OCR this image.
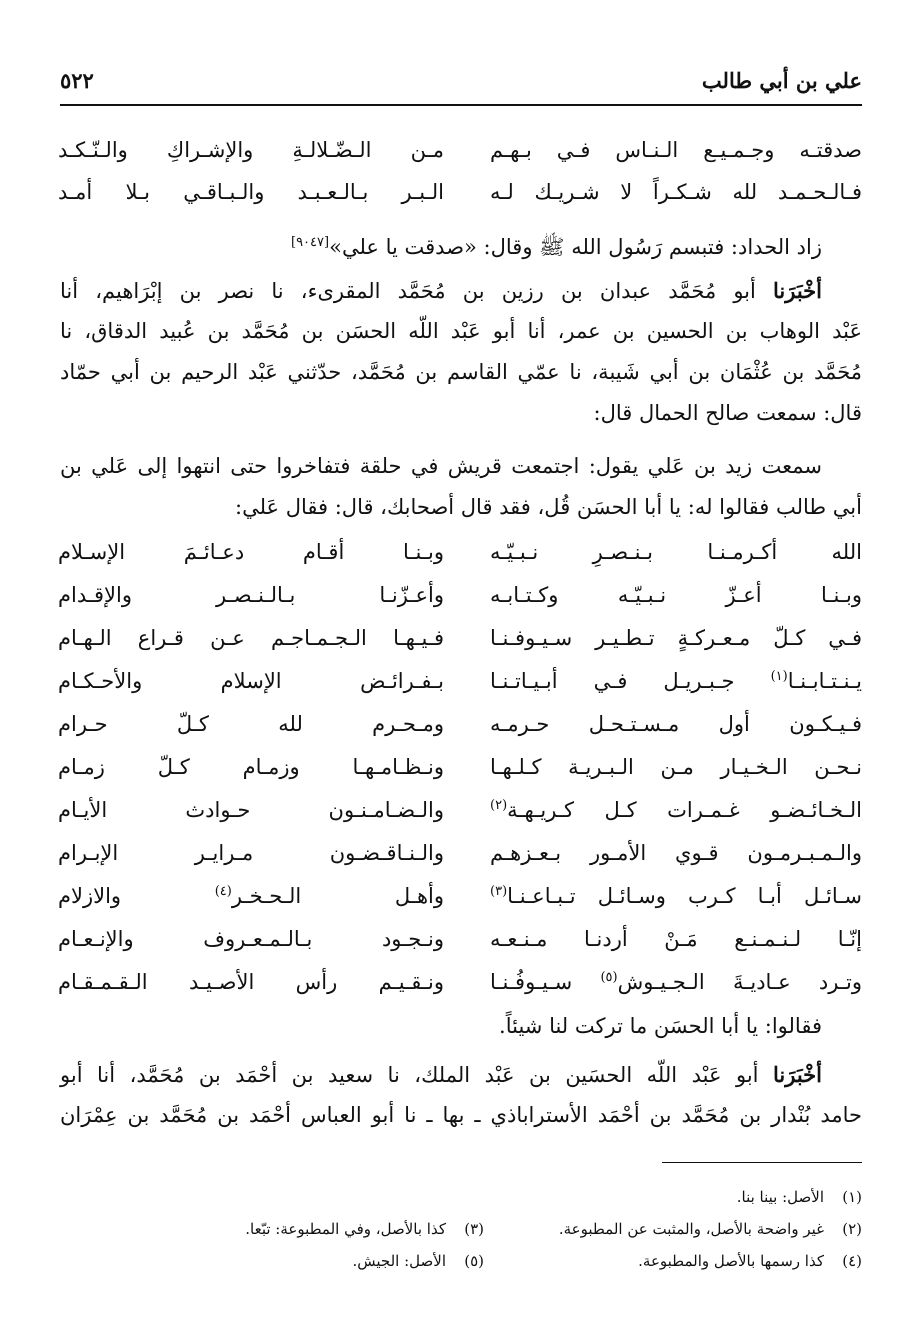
علي بن أبي طالب
٥٢٢
صدقتـه وجـمـيـع الـنـاس فـي بـهـم
مـن الـضّـلالـةِ والإشـراكِ والـنّـكـد
فـالـحـمـد لله شـكـراً لا شـريـك لـه
الـبـر بـالـعـبـد والـبـاقـي بـلا أمـد
زاد الحداد: فتبسم رَسُول الله ﷺ وقال: «صدقت يا علي»[٩٠٤٧]
أخْبَرَنا أبو مُحَمَّد عبدان بن رزين بن مُحَمَّد المقرىء، نا نصر بن إبْرَاهيم، أنا
عَبْد الوهاب بن الحسين بن عمر، أنا أبو عَبْد اللّه الحسَن بن مُحَمَّد بن عُبيد الدقاق، نا
مُحَمَّد بن عُثْمَان بن أبي شَيبة، نا عمّي القاسم بن مُحَمَّد، حدّثني عَبْد الرحيم بن أبي حمّاد
قال: سمعت صالح الحمال قال:
سمعت زيد بن عَلي يقول: اجتمعت قريش في حلقة فتفاخروا حتى انتهوا إلى عَلي بن
أبي طالب فقالوا له: يا أبا الحسَن قُل، فقد قال أصحابك، قال: فقال عَلي:
الله أكـرمـنـا بـنـصـرِ نـبـيّـه
وبـنـا أقـام دعـائـمَ الإسـلام
وبـنـا أعـزّ نـبـيّـه وكـتـابـه
وأعـزّنـا بـالـنـصـر والإقـدام
فـي كـلّ مـعـركـةٍ تـطـيـر سـيـوفـنـا
فـيـهـا الـجـمـاجـم عـن قـراع الـهـام
يـنـتـابـنـا$^{(١)}$ جـبـريـل فـي أبـيـاتـنـا
بـفـرائـض الإسلام والأحـكـام
فـيـكـون أول مـسـتـحـل حـرمـه
ومـحـرم لله كـلّ حـرام
نـحـن الـخـيـار مـن الـبـريـة كـلـهـا
ونـظـامـهـا وزمـام كـلّ زمـام
الـخـائـضـو غـمـرات كـل كـريـهـة$^{(٢)}$
والـضـامـنـون حـوادث الأيـام
والـمـبـرمـون قـوي الأمـور بـعـزهـم
والـنـاقـضـون مـرايـر الإبـرام
سـائـل أبـا كـرب وسـائـل تـبـاعـنـا$^{(٣)}$
وأهـل الـحـخـر$^{(٤)}$ والازلام
إنّـا لـنـمـنـع مَـنْ أردنـا مـنـعـه
ونـجـود بـالـمـعـروف والإنـعـام
وتـرد عـاديـةَ الـجـيـوش$^{(٥)}$ سـيـوفُـنـا
ونـقـيـم رأس الأصـيـد الـقـمـقـام
فقالوا: يا أبا الحسَن ما تركت لنا شيئاً.
أخْبَرَنا أبو عَبْد اللّه الحسَين بن عَبْد الملك، نا سعيد بن أحْمَد بن مُحَمَّد، أنا أبو
حامد بُنْدار بن مُحَمَّد بن أحْمَد الأستراباذي ـ بها ـ نا أبو العباس أحْمَد بن مُحَمَّد بن عِمْرَان
(١)الأصل: بينا بنا.
(٢)غير واضحة بالأصل، والمثبت عن المطبوعة.
(٣)كذا بالأصل، وفي المطبوعة: تبّعا.
(٤)كذا رسمها بالأصل والمطبوعة.
(٥)الأصل: الجيش.
